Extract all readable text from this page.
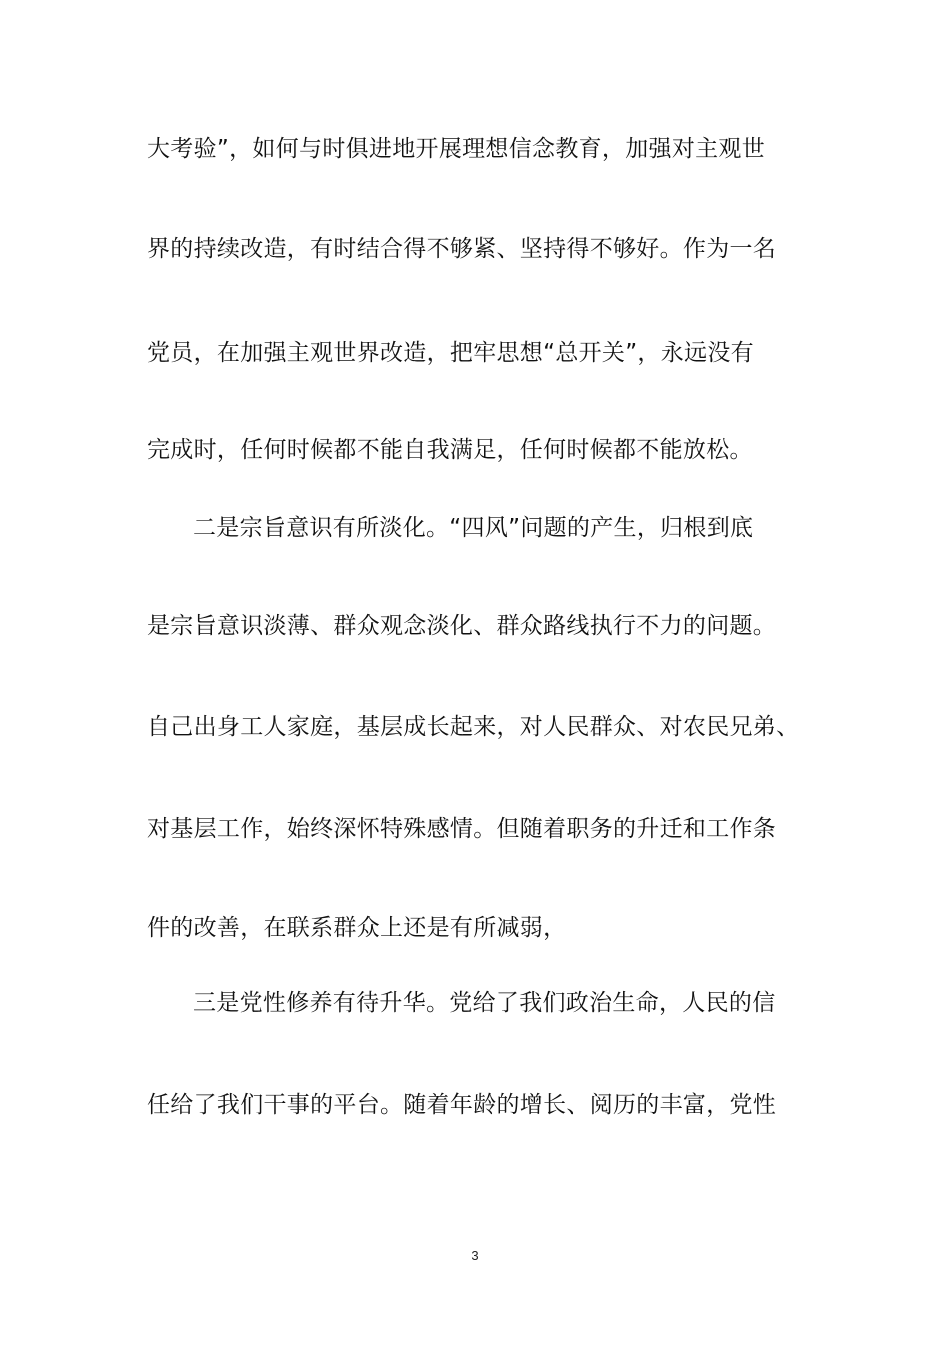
大考验”，如何与时俱进地开展理想信念教育，加强对主观世
界的持续改造，有时结合得不够紧、坚持得不够好。作为一名
党员，在加强主观世界改造，把牢思想“总开关”，永远没有
完成时，任何时候都不能自我满足，任何时候都不能放松。
二是宗旨意识有所淡化。“四风”问题的产生，归根到底
是宗旨意识淡薄、群众观念淡化、群众路线执行不力的问题。
自己出身工人家庭，基层成长起来，对人民群众、对农民兄弟、
对基层工作，始终深怀特殊感情。但随着职务的升迁和工作条
件的改善，在联系群众上还是有所减弱，
三是党性修养有待升华。党给了我们政治生命，人民的信
任给了我们干事的平台。随着年龄的增长、阅历的丰富，党性
3
